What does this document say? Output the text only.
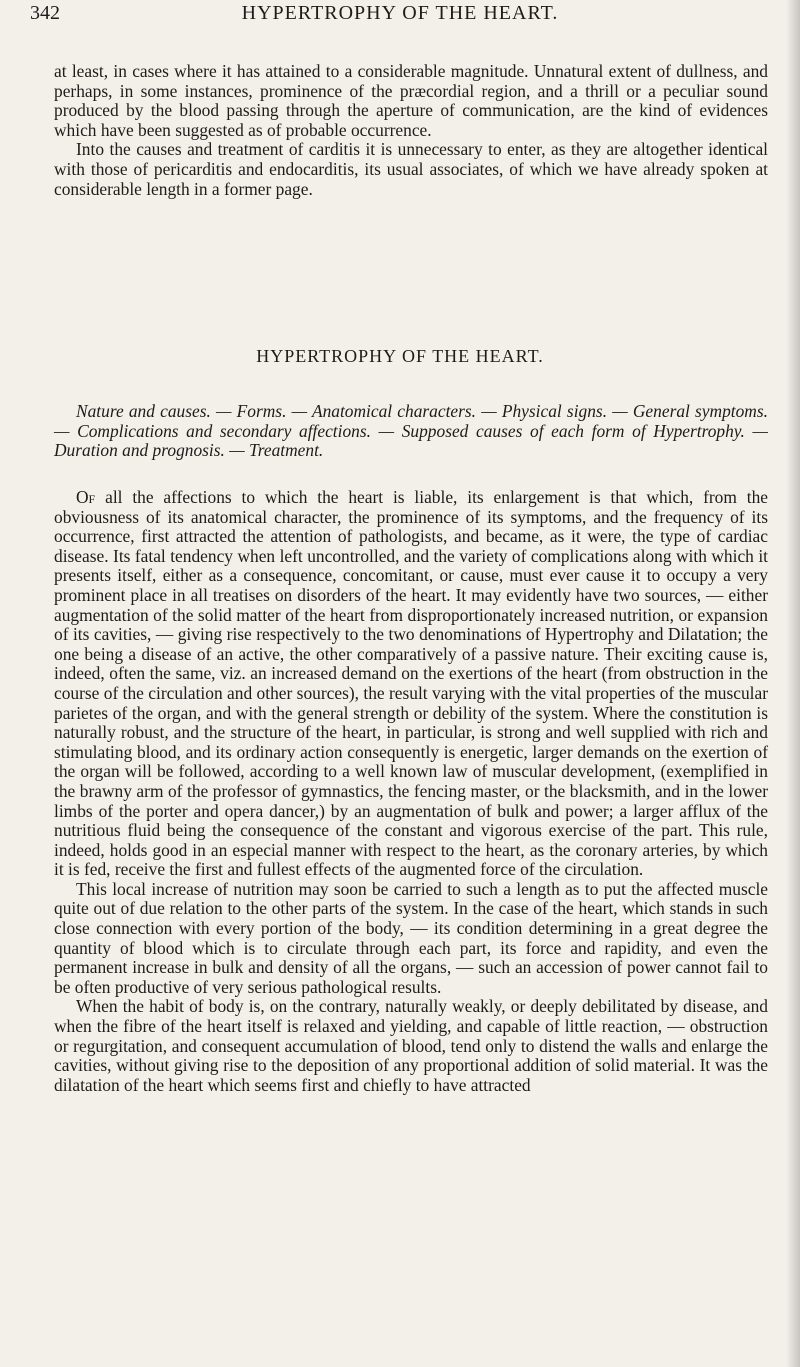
342	HYPERTROPHY OF THE HEART.

at least, in cases where it has attained to a considerable magnitude. Unnatural extent of dullness, and perhaps, in some instances, prominence of the præcordial region, and a thrill or a peculiar sound produced by the blood passing through the aperture of communication, are the kind of evidences which have been suggested as of probable occurrence.

Into the causes and treatment of carditis it is unnecessary to enter, as they are altogether identical with those of pericarditis and endocarditis, its usual associates, of which we have already spoken at considerable length in a former page.

HYPERTROPHY OF THE HEART.
Nature and causes. — Forms. — Anatomical characters. — Physical signs. — General symptoms. — Complications and secondary affections. — Supposed causes of each form of Hypertrophy. — Duration and prognosis. — Treatment.

Of all the affections to which the heart is liable, its enlargement is that which, from the obviousness of its anatomical character, the prominence of its symptoms, and the frequency of its occurrence, first attracted the attention of pathologists, and became, as it were, the type of cardiac disease. Its fatal tendency when left uncontrolled, and the variety of complications along with which it presents itself, either as a consequence, concomitant, or cause, must ever cause it to occupy a very prominent place in all treatises on disorders of the heart. It may evidently have two sources, — either augmentation of the solid matter of the heart from disproportionately increased nutrition, or expansion of its cavities, — giving rise respectively to the two denominations of Hypertrophy and Dilatation; the one being a disease of an active, the other comparatively of a passive nature. Their exciting cause is, indeed, often the same, viz. an increased demand on the exertions of the heart (from obstruction in the course of the circulation and other sources), the result varying with the vital properties of the muscular parietes of the organ, and with the general strength or debility of the system. Where the constitution is naturally robust, and the structure of the heart, in particular, is strong and well supplied with rich and stimulating blood, and its ordinary action consequently is energetic, larger demands on the exertion of the organ will be followed, according to a well known law of muscular development, (exemplified in the brawny arm of the professor of gymnastics, the fencing master, or the blacksmith, and in the lower limbs of the porter and opera dancer,) by an augmentation of bulk and power; a larger afflux of the nutritious fluid being the consequence of the constant and vigorous exercise of the part. This rule, indeed, holds good in an especial manner with respect to the heart, as the coronary arteries, by which it is fed, receive the first and fullest effects of the augmented force of the circulation.

This local increase of nutrition may soon be carried to such a length as to put the affected muscle quite out of due relation to the other parts of the system. In the case of the heart, which stands in such close connection with every portion of the body, — its condition determining in a great degree the quantity of blood which is to circulate through each part, its force and rapidity, and even the permanent increase in bulk and density of all the organs, — such an accession of power cannot fail to be often productive of very serious pathological results.

When the habit of body is, on the contrary, naturally weakly, or deeply debilitated by disease, and when the fibre of the heart itself is relaxed and yielding, and capable of little reaction, — obstruction or regurgitation, and consequent accumulation of blood, tend only to distend the walls and enlarge the cavities, without giving rise to the deposition of any proportional addition of solid material. It was the dilatation of the heart which seems first and chiefly to have attracted
